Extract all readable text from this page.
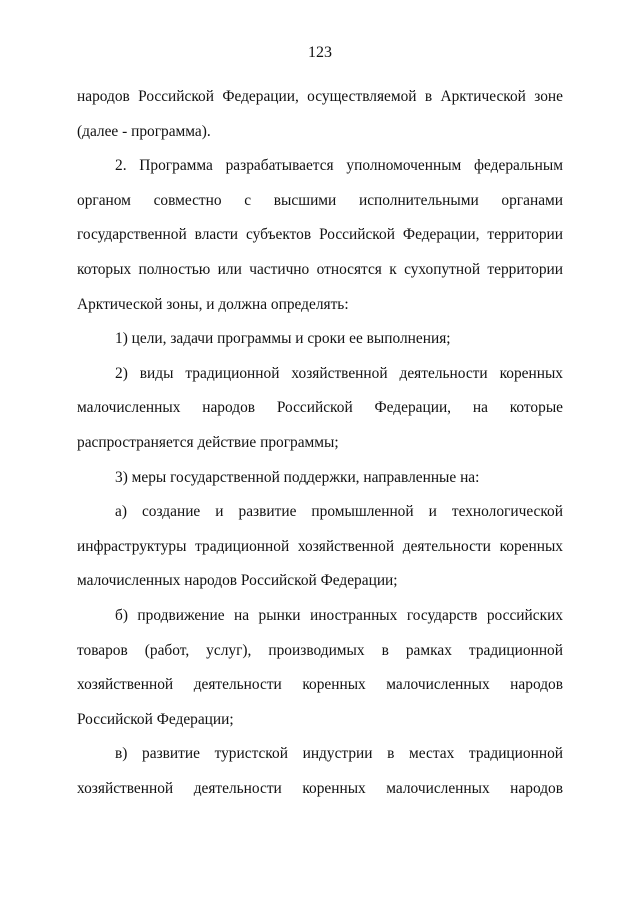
123
народов Российской Федерации, осуществляемой в Арктической зоне
(далее - программа).
2. Программа разрабатывается уполномоченным федеральным
органом совместно с высшими исполнительными органами
государственной власти субъектов Российской Федерации, территории
которых полностью или частично относятся к сухопутной территории
Арктической зоны, и должна определять:
1) цели, задачи программы и сроки ее выполнения;
2) виды традиционной хозяйственной деятельности коренных
малочисленных народов Российской Федерации, на которые
распространяется действие программы;
3) меры государственной поддержки, направленные на:
а) создание и развитие промышленной и технологической
инфраструктуры традиционной хозяйственной деятельности коренных
малочисленных народов Российской Федерации;
б) продвижение на рынки иностранных государств российских
товаров (работ, услуг), производимых в рамках традиционной
хозяйственной деятельности коренных малочисленных народов
Российской Федерации;
в) развитие туристской индустрии в местах традиционной
хозяйственной деятельности коренных малочисленных народов
